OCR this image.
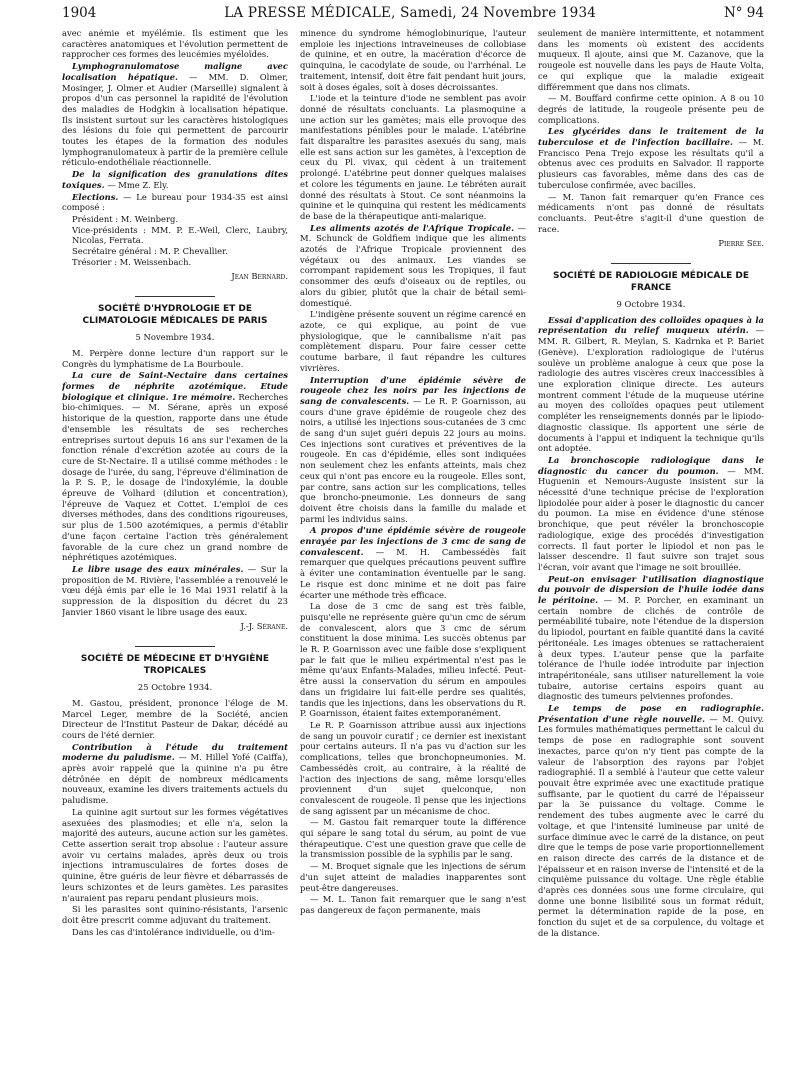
1904	LA PRESSE MÉDICALE, Samedi, 24 Novembre 1934	N° 94

avec anémie et myélémie. Ils estiment que les caractères anatomiques et l'évolution permettent de rapprocher ces formes des leucémies myéloïdes.

Lymphogranulomatose maligne avec localisation hépatique. — MM. D. Olmer, Mosinger, J. Olmer et Audier (Marseille) signalent à propos d'un cas personnel la rapidité de l'évolution des maladies de Hodgkin à localisation hépatique. Ils insistent surtout sur les caractères histologiques des lésions du foie qui permettent de parcourir toutes les étapes de la formation des nodules lymphogranulomateux à partir de la première cellule réticulo-endothéliale réactionnelle.

De la signification des granulations dites toxiques. — Mme Z. Ely.

Elections. — Le bureau pour 1934-35 est ainsi composé :

Président : M. Weinberg.
Vice-présidents : MM. P. E.-Weil, Clerc, Laubry, Nicolas, Ferrata.
Secrétaire général : M. P. Chevallier.
Trésorier : M. Weissenbach.
Jean Bernard.
SOCIÉTÉ D'HYDROLOGIE ET DE CLIMATOLOGIE MÉDICALES DE PARIS
5 Novembre 1934.

M. Perpère donne lecture d'un rapport sur le Congrès du lymphatisme de La Bourboule.

La cure de Saint-Nectaire dans certaines formes de néphrite azotémique. Etude biologique et clinique. 1re mémoire. Recherches bio-chimiques. — M. Sérane, après un exposé historique de la question, rapporte dans une étude d'ensemble les résultats de ses recherches entreprises surtout depuis 16 ans sur l'examen de la fonction rénale d'excrétion azotée au cours de la cure de St-Nectaire. Il a utilisé comme méthodes : le dosage de l'urée, du sang, l'épreuve d'élimination de la P. S. P., le dosage de l'indoxylémie, la double épreuve de Volhard (dilution et concentration), l'épreuve de Vaquez et Cottet. L'emploi de ces diverses méthodes, dans des conditions rigoureuses, sur plus de 1.500 azotémiques, a permis d'établir d'une façon certaine l'action très généralement favorable de la cure chez un grand nombre de néphrétiques azotémiques.

Le libre usage des eaux minérales. — Sur la proposition de M. Rivière, l'assemblée a renouvelé le vœu déjà émis par elle le 16 Mai 1931 relatif à la suppression de la disposition du décret du 23 Janvier 1860 visant le libre usage des eaux.

J.-J. Sérane.
SOCIÉTÉ DE MÉDECINE ET D'HYGIÈNE TROPICALES
25 Octobre 1934.

M. Gastou, président, prononce l'éloge de M. Marcel Leger, membre de la Société, ancien Directeur de l'Institut Pasteur de Dakar, décédé au cours de l'été dernier.

Contribution à l'étude du traitement moderne du paludisme. — M. Hillel Yofé (Caiffa), après avoir rappelé que la quinine n'a pu être détrônée en dépit de nombreux médicaments nouveaux, examine les divers traitements actuels du paludisme.

La quinine agit surtout sur les formes végétatives asexuées des plasmodies; et elle n'a, selon la majorité des auteurs, aucune action sur les gamètes. Cette assertion serait trop absolue : l'auteur assure avoir vu certains malades, après deux ou trois injections intramusculaires de fortes doses de quinine, être guéris de leur fièvre et débarrassés de leurs schizontes et de leurs gamètes. Les parasites n'auraient pas reparu pendant plusieurs mois.

Si les parasites sont quinino-résistants, l'arsenic doit être prescrit comme adjuvant du traitement.

Dans les cas d'intolérance individuelle, ou d'im-

minence du syndrome hémoglobinurique, l'auteur emploie les injections intraveineuses de collobiase de quinine, et en outre, la macération d'écorce de quinquina, le cacodylate de soude, ou l'arrhénal. Le traitement, intensif, doit être fait pendant huit jours, soit à doses égales, soit à doses décroissantes.

L'iode et la teinture d'iode ne semblent pas avoir donné de résultats concluants. La plasmoquine a une action sur les gamètes; mais elle provoque des manifestations pénibles pour le malade. L'atébrine fait disparaître les parasites asexués du sang, mais elle est sans action sur les gamètes, à l'exception de ceux du Pl. vivax, qui cèdent à un traitement prolongé. L'atébrine peut donner quelques malaises et colore les téguments en jaune. Le tébréten aurait donné des résultats à Stout. Ce sont néanmoins la quinine et le quinquina qui restent les médicaments de base de la thérapeutique anti-malarique.

Les aliments azotés de l'Afrique Tropicale. — M. Schunck de Goldfiem indique que les aliments azotés de l'Afrique Tropicale proviennent des végétaux ou des animaux. Les viandes se corrompant rapidement sous les Tropiques, il faut consommer des œufs d'oiseaux ou de reptiles, ou alors du gibier, plutôt que la chair de bétail semi-domestiqué.

L'indigène présente souvent un régime carencé en azote, ce qui explique, au point de vue physiologique, que le cannibalisme n'ait pas complètement disparu. Pour faire cesser cette coutume barbare, il faut répandre les cultures vivrières.

Interruption d'une épidémie sévère de rougeole chez les noirs par les injections de sang de convalescents. — Le R. P. Goarnisson, au cours d'une grave épidémie de rougeole chez des noirs, a utilisé les injections sous-cutanées de 3 cmc de sang d'un sujet guéri depuis 22 jours au moins. Ces injections sont curatives et préventives de la rougeole. En cas d'épidémie, elles sont indiquées non seulement chez les enfants atteints, mais chez ceux qui n'ont pas encore eu la rougeole. Elles sont, par contre, sans action sur les complications, telles que broncho-pneumonie. Les donneurs de sang doivent être choisis dans la famille du malade et parmi les individus sains.

A propos d'une épidémie sévère de rougeole enrayée par les injections de 3 cmc de sang de convalescent. — M. H. Cambessédès fait remarquer que quelques précautions peuvent suffire à éviter une contamination éventuelle par le sang. Le risque est donc minime et ne doit pas faire écarter une méthode très efficace.

La dose de 3 cmc de sang est très faible, puisqu'elle ne représente guère qu'un cmc de sérum de convalescent, alors que 3 cmc de sérum constituent la dose minima. Les succès obtenus par le R. P. Goarnisson avec une faible dose s'expliquent par le fait que le milieu expérimental n'est pas le même qu'aux Enfants-Malades, milieu infecté. Peut-être aussi la conservation du sérum en ampoules dans un frigidaire lui fait-elle perdre ses qualités, tandis que les injections, dans les observations du R. P. Goarnisson, étaient faites extemporanément.

Le R. P. Goarnisson attribue aussi aux injections de sang un pouvoir curatif ; ce dernier est inexistant pour certains auteurs. Il n'a pas vu d'action sur les complications, telles que bronchopneumonies. M. Cambessédès croit, au contraire, à la réalité de l'action des injections de sang, même lorsqu'elles proviennent d'un sujet quelconque, non convalescent de rougeole. Il pense que les injections de sang agissent par un mécanisme de choc.

— M. Gastou fait remarquer toute la différence qui sépare le sang total du sérum, au point de vue thérapeutique. C'est une question grave que celle de la transmission possible de la syphilis par le sang.

— M. Broquet signale que les injections de sérum d'un sujet atteint de maladies inapparentes sont peut-être dangereuses.

— M. L. Tanon fait remarquer que le sang n'est pas dangereux de façon permanente, mais

seulement de manière intermittente, et notamment dans les moments où existent des accidents muqueux. Il ajoute, ainsi que M. Cazanove, que la rougeole est nouvelle dans les pays de Haute Volta, ce qui explique que la maladie exigeait différemment que dans nos climats.

— M. Bouffard confirme cette opinion. A 8 ou 10 degrés de latitude, la rougeole présente peu de complications.

Les glycérides dans le traitement de la tuberculose et de l'infection bacillaire. — M. Francisco Pena Trejo expose les résultats qu'il a obtenus avec ces produits en Salvador. Il rapporte plusieurs cas favorables, même dans des cas de tuberculose confirmée, avec bacilles.

— M. Tanon fait remarquer qu'en France ces médicaments n'ont pas donné de résultats concluants. Peut-être s'agit-il d'une question de race.

Pierre Sée.
SOCIÉTÉ DE RADIOLOGIE MÉDICALE DE FRANCE
9 Octobre 1934.

Essai d'application des colloïdes opaques à la représentation du relief muqueux utérin. — MM. R. Gilbert, R. Meylan, S. Kadrnka et P. Bariet (Genève). L'exploration radiologique de l'utérus soulève un problème analogue à ceux que pose la radiologie des autres viscères creux inaccessibles à une exploration clinique directe. Les auteurs montrent comment l'étude de la muqueuse utérine au moyen des colloïdes opaques peut utilement compléter les renseignements donnés par le lipiodo-diagnostic classique. Ils apportent une série de documents à l'appui et indiquent la technique qu'ils ont adoptée.

La bronchoscopie radiologique dans le diagnostic du cancer du poumon. — MM. Huguenin et Nemours-Auguste insistent sur la nécessité d'une technique précise de l'exploration lipiodolée pour aider à poser le diagnostic du cancer du poumon. La mise en évidence d'une sténose bronchique, que peut révéler la bronchoscopie radiologique, exige des procédés d'investigation corrects. Il faut porter le lipiodol et non pas le laisser descendre. Il faut suivre son trajet sous l'écran, voir avant que l'image ne soit brouillée.

Peut-on envisager l'utilisation diagnostique du pouvoir de dispersion de l'huile iodée dans le péritoine. — M. P. Porcher, en examinant un certain nombre de clichés de contrôle de perméabilité tubaire, note l'étendue de la dispersion du lipiodol, pourtant en faible quantité dans la cavité péritonéale. Les images obtenues se rattacheraient à deux types. L'auteur pense que la parfaite tolérance de l'huile iodée introduite par injection intrapéritonéale, sans utiliser naturellement la voie tubaire, autorise certains espoirs quant au diagnostic des tumeurs pelviennes profondes.

Le temps de pose en radiographie. Présentation d'une règle nouvelle. — M. Quivy. Les formules mathématiques permettant le calcul du temps de pose en radiographie sont souvent inexactes, parce qu'on n'y tient pas compte de la valeur de l'absorption des rayons par l'objet radiographié. Il a semblé à l'auteur que cette valeur pouvait être exprimée avec une exactitude pratique suffisante, par le quotient du carré de l'épaisseur par la 3e puissance du voltage. Comme le rendement des tubes augmente avec le carré du voltage, et que l'intensité lumineuse par unité de surface diminue avec le carré de la distance, on peut dire que le temps de pose varie proportionnellement en raison directe des carrés de la distance et de l'épaisseur et en raison inverse de l'intensité et de la cinquième puissance du voltage. Une règle établie d'après ces données sous une forme circulaire, qui donne une bonne lisibilité sous un format réduit, permet la détermination rapide de la pose, en fonction du sujet et de sa corpulence, du voltage et de la distance.
